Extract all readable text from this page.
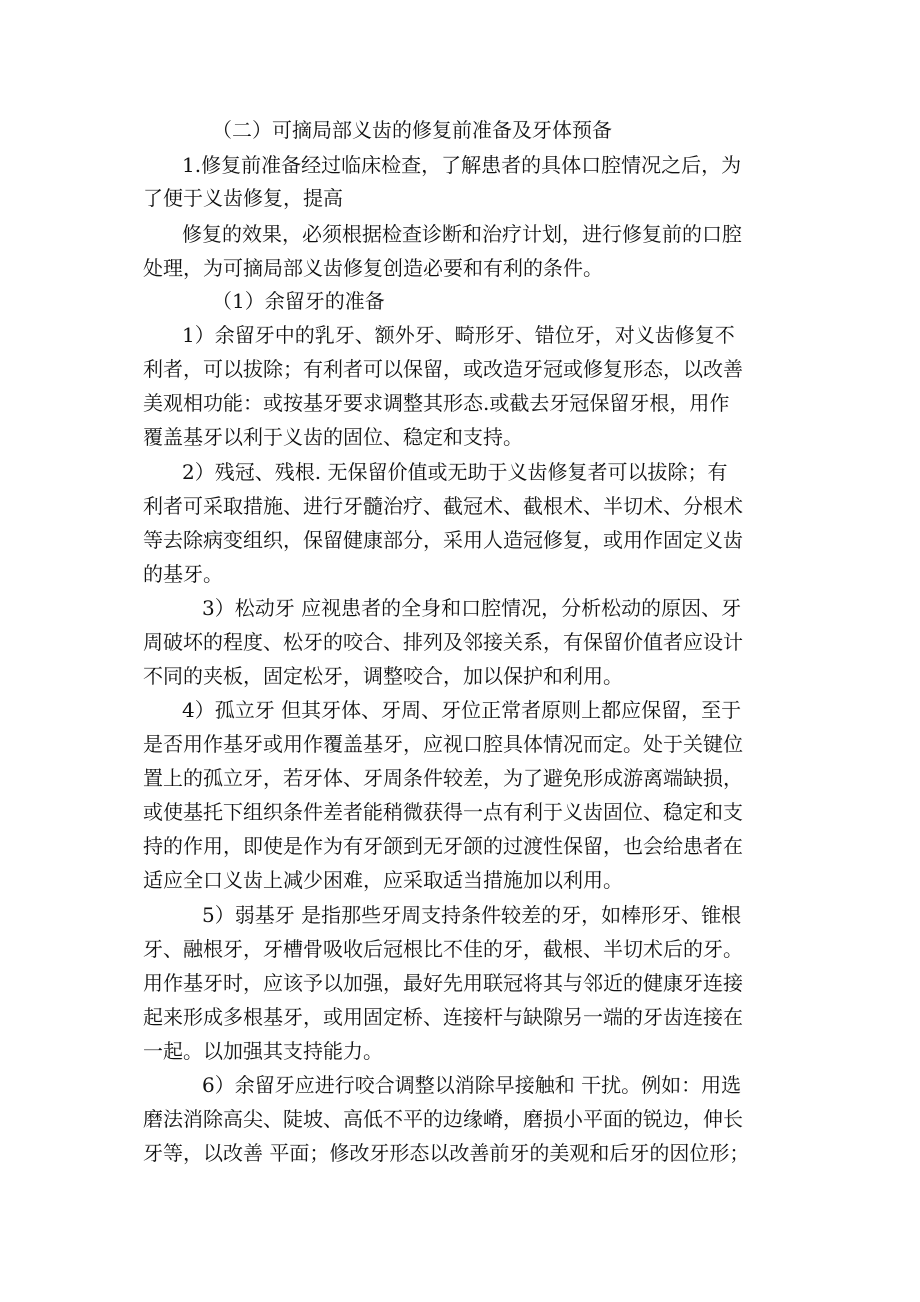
（二）可摘局部义齿的修复前准备及牙体预备

1.修复前准备经过临床检查，了解患者的具体口腔情况之后，为

了便于义齿修复，提高

修复的效果，必须根据检查诊断和治疗计划，进行修复前的口腔

处理，为可摘局部义齿修复创造必要和有利的条件。

（1）余留牙的准备

1）余留牙中的乳牙、额外牙、畸形牙、错位牙，对义齿修复不

利者，可以拔除；有利者可以保留，或改造牙冠或修复形态，以改善

美观相功能：或按基牙要求调整其形态.或截去牙冠保留牙根，用作

覆盖基牙以利于义齿的固位、稳定和支持。

2）残冠、残根. 无保留价值或无助于义齿修复者可以拔除；有

利者可采取措施、进行牙髓治疗、截冠术、截根术、半切术、分根术

等去除病变组织，保留健康部分，采用人造冠修复，或用作固定义齿

的基牙。

3）松动牙 应视患者的全身和口腔情况，分析松动的原因、牙

周破坏的程度、松牙的咬合、排列及邻接关系，有保留价值者应设计

不同的夹板，固定松牙，调整咬合，加以保护和利用。

4）孤立牙 但其牙体、牙周、牙位正常者原则上都应保留，至于

是否用作基牙或用作覆盖基牙，应视口腔具体情况而定。处于关键位

置上的孤立牙，若牙体、牙周条件较差，为了避免形成游离端缺损，

或使基托下组织条件差者能稍微获得一点有利于义齿固位、稳定和支

持的作用，即使是作为有牙颌到无牙颌的过渡性保留，也会给患者在

适应全口义齿上减少困难，应采取适当措施加以利用。

5）弱基牙 是指那些牙周支持条件较差的牙，如棒形牙、锥根

牙、融根牙，牙槽骨吸收后冠根比不佳的牙，截根、半切术后的牙。

用作基牙时，应该予以加强，最好先用联冠将其与邻近的健康牙连接

起来形成多根基牙，或用固定桥、连接杆与缺隙另一端的牙齿连接在

一起。以加强其支持能力。

6）余留牙应进行咬合调整以消除早接触和 干扰。例如：用选

磨法消除高尖、陡坡、高低不平的边缘嵴，磨损小平面的锐边，伸长

牙等，以改善 平面；修改牙形态以改善前牙的美观和后牙的因位形；
